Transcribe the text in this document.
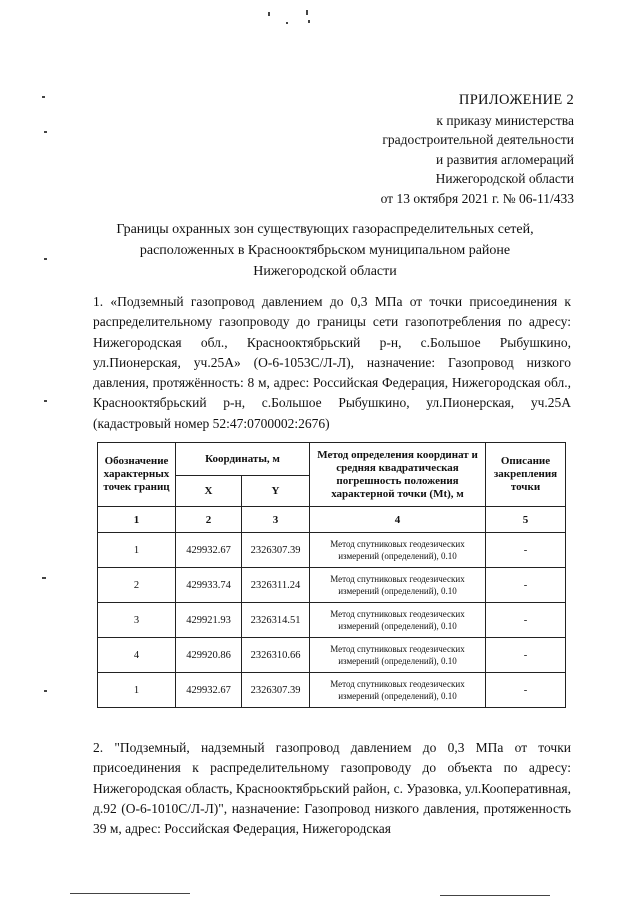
ПРИЛОЖЕНИЕ 2
к приказу министерства
градостроительной деятельности
и развития агломераций
Нижегородской области
от 13 октября 2021 г. № 06-11/433
Границы охранных зон существующих газораспределительных сетей,
расположенных в Краснооктябрьском муниципальном районе
Нижегородской области
1. «Подземный газопровод давлением до 0,3 МПа от точки присоединения к распределительному газопроводу до границы сети газопотребления по адресу: Нижегородская обл., Краснооктябрьский р-н, с.Большое Рыбушкино, ул.Пионерская, уч.25А» (О-6-1053С/Л-Л), назначение: Газопровод низкого давления, протяжённость: 8 м, адрес: Российская Федерация, Нижегородская обл., Краснооктябрьский р-н, с.Большое Рыбушкино, ул.Пионерская, уч.25А (кадастровый номер 52:47:0700002:2676)
Обозначение характерных точек границ	Координаты, м		Метод определения координат и средняя квадратическая погрешность положения характерной точки (Mt), м	Описание закрепления точки
	X	Y		
1	2	3	4	5
1	429932.67	2326307.39	Метод спутниковых геодезических измерений (определений), 0.10	-
2	429933.74	2326311.24	Метод спутниковых геодезических измерений (определений), 0.10	-
3	429921.93	2326314.51	Метод спутниковых геодезических измерений (определений), 0.10	-
4	429920.86	2326310.66	Метод спутниковых геодезических измерений (определений), 0.10	-
1	429932.67	2326307.39	Метод спутниковых геодезических измерений (определений), 0.10	-
2. "Подземный, надземный газопровод давлением до 0,3 МПа от точки присоединения к распределительному газопроводу до объекта по адресу: Нижегородская область, Краснооктябрьский район, с. Уразовка, ул.Кооперативная, д.92 (О-6-1010С/Л-Л)", назначение: Газопровод низкого давления, протяженность 39 м, адрес: Российская Федерация, Нижегородская
